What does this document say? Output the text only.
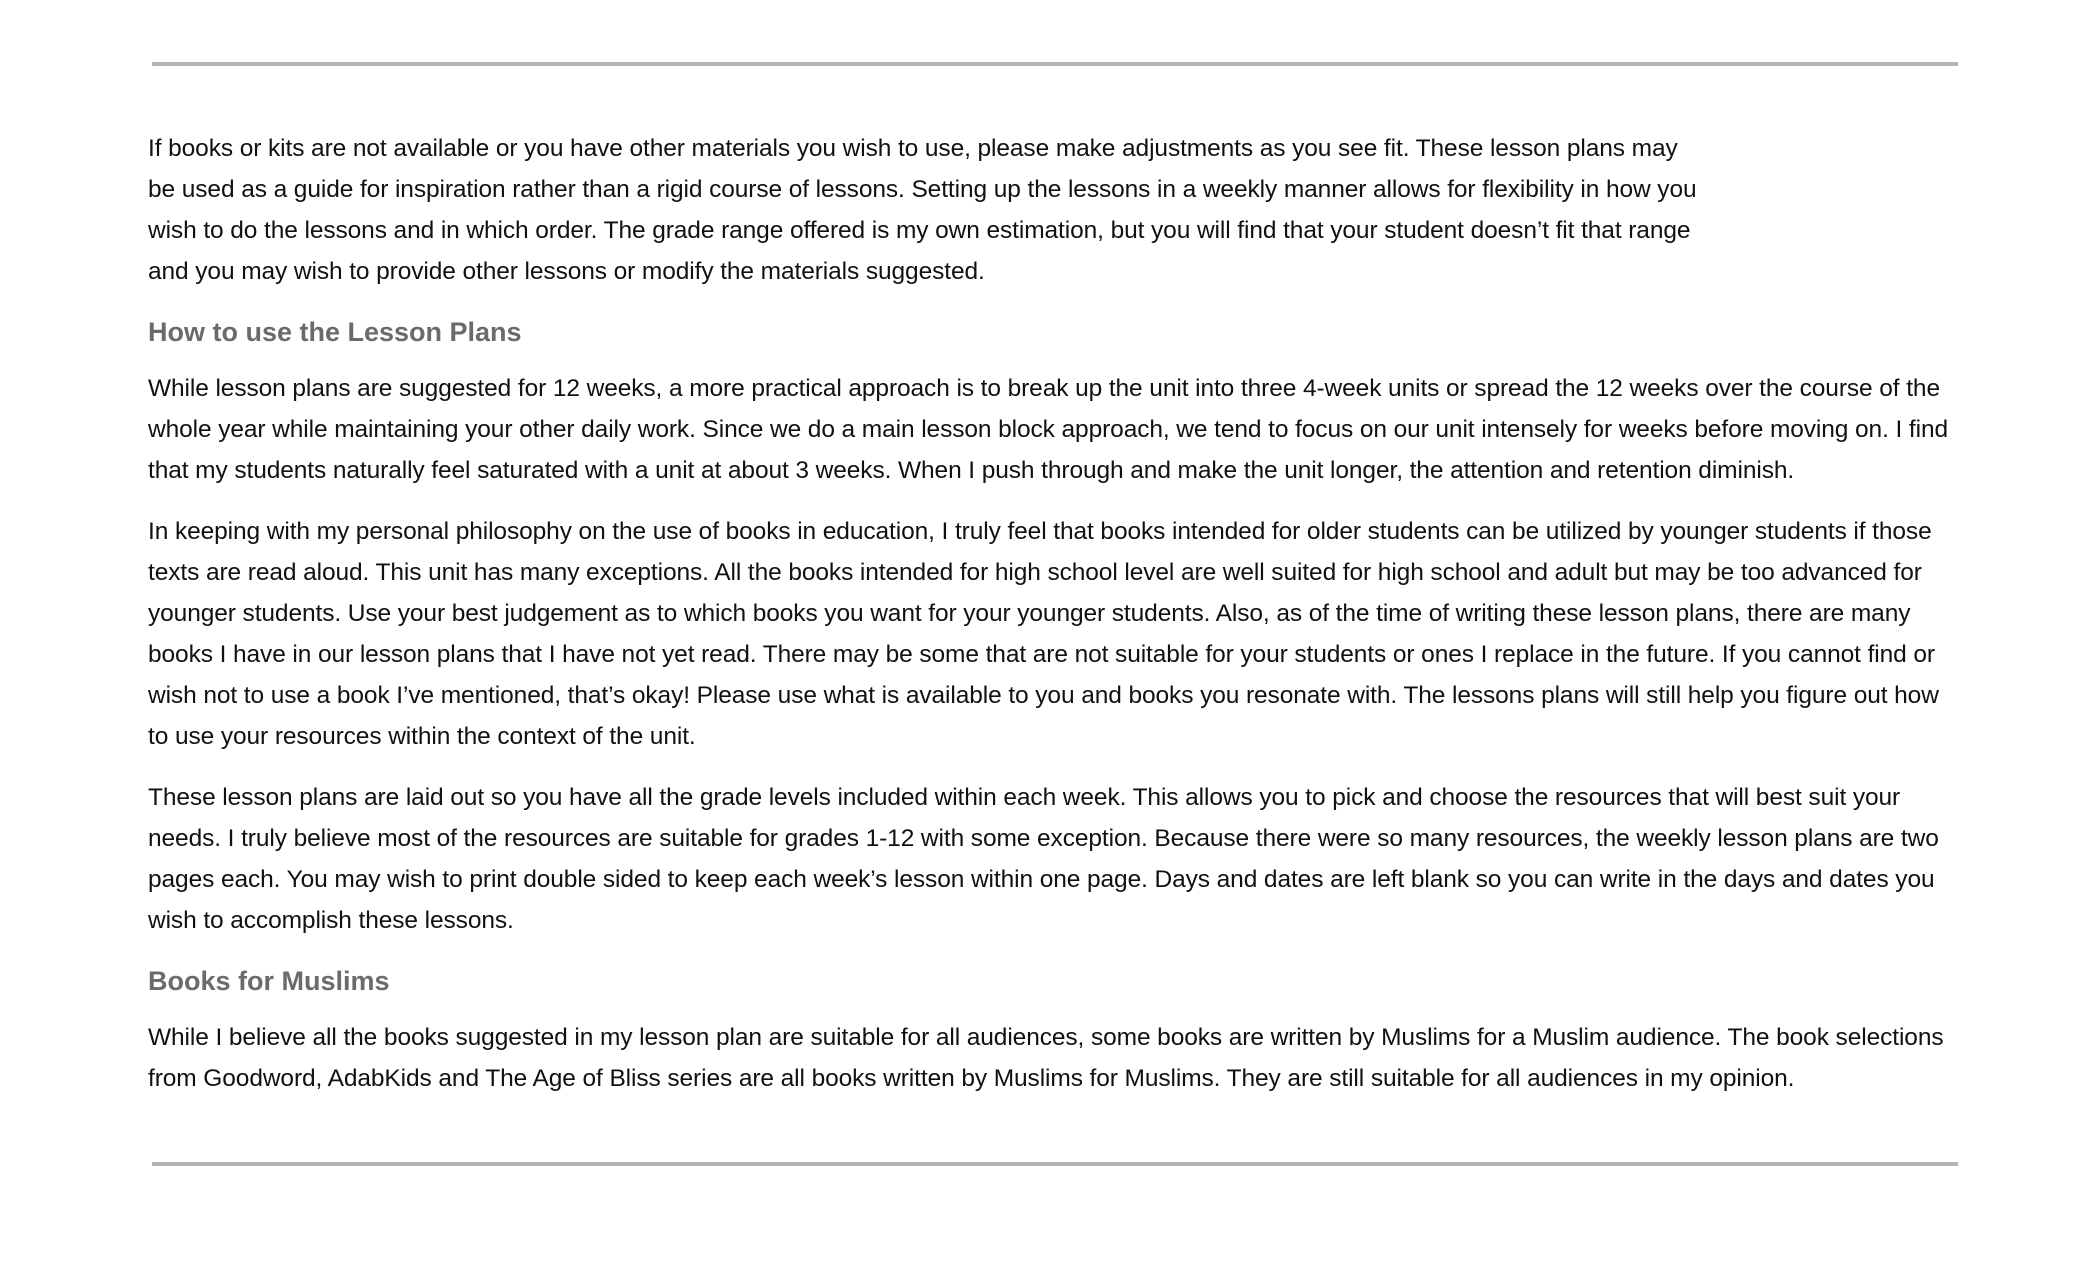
If books or kits are not available or you have other materials you wish to use, please make adjustments as you see fit. These lesson plans may be used as a guide for inspiration rather than a rigid course of lessons. Setting up the lessons in a weekly manner allows for flexibility in how you wish to do the lessons and in which order. The grade range offered is my own estimation, but you will find that your student doesn’t fit that range and you may wish to provide other lessons or modify the materials suggested.

How to use the Lesson Plans

While lesson plans are suggested for 12 weeks, a more practical approach is to break up the unit into three 4-week units or spread the 12 weeks over the course of the whole year while maintaining your other daily work. Since we do a main lesson block approach, we tend to focus on our unit intensely for weeks before moving on. I find that my students naturally feel saturated with a unit at about 3 weeks. When I push through and make the unit longer, the attention and retention diminish.

In keeping with my personal philosophy on the use of books in education, I truly feel that books intended for older students can be utilized by younger students if those texts are read aloud. This unit has many exceptions. All the books intended for high school level are well suited for high school and adult but may be too advanced for younger students. Use your best judgement as to which books you want for your younger students. Also, as of the time of writing these lesson plans, there are many books I have in our lesson plans that I have not yet read. There may be some that are not suitable for your students or ones I replace in the future. If you cannot find or wish not to use a book I’ve mentioned, that’s okay! Please use what is available to you and books you resonate with. The lessons plans will still help you figure out how to use your resources within the context of the unit.

These lesson plans are laid out so you have all the grade levels included within each week. This allows you to pick and choose the resources that will best suit your needs. I truly believe most of the resources are suitable for grades 1-12 with some exception. Because there were so many resources, the weekly lesson plans are two pages each. You may wish to print double sided to keep each week’s lesson within one page. Days and dates are left blank so you can write in the days and dates you wish to accomplish these lessons.

Books for Muslims

While I believe all the books suggested in my lesson plan are suitable for all audiences, some books are written by Muslims for a Muslim audience. The book selections from Goodword, AdabKids and The Age of Bliss series are all books written by Muslims for Muslims. They are still suitable for all audiences in my opinion.
